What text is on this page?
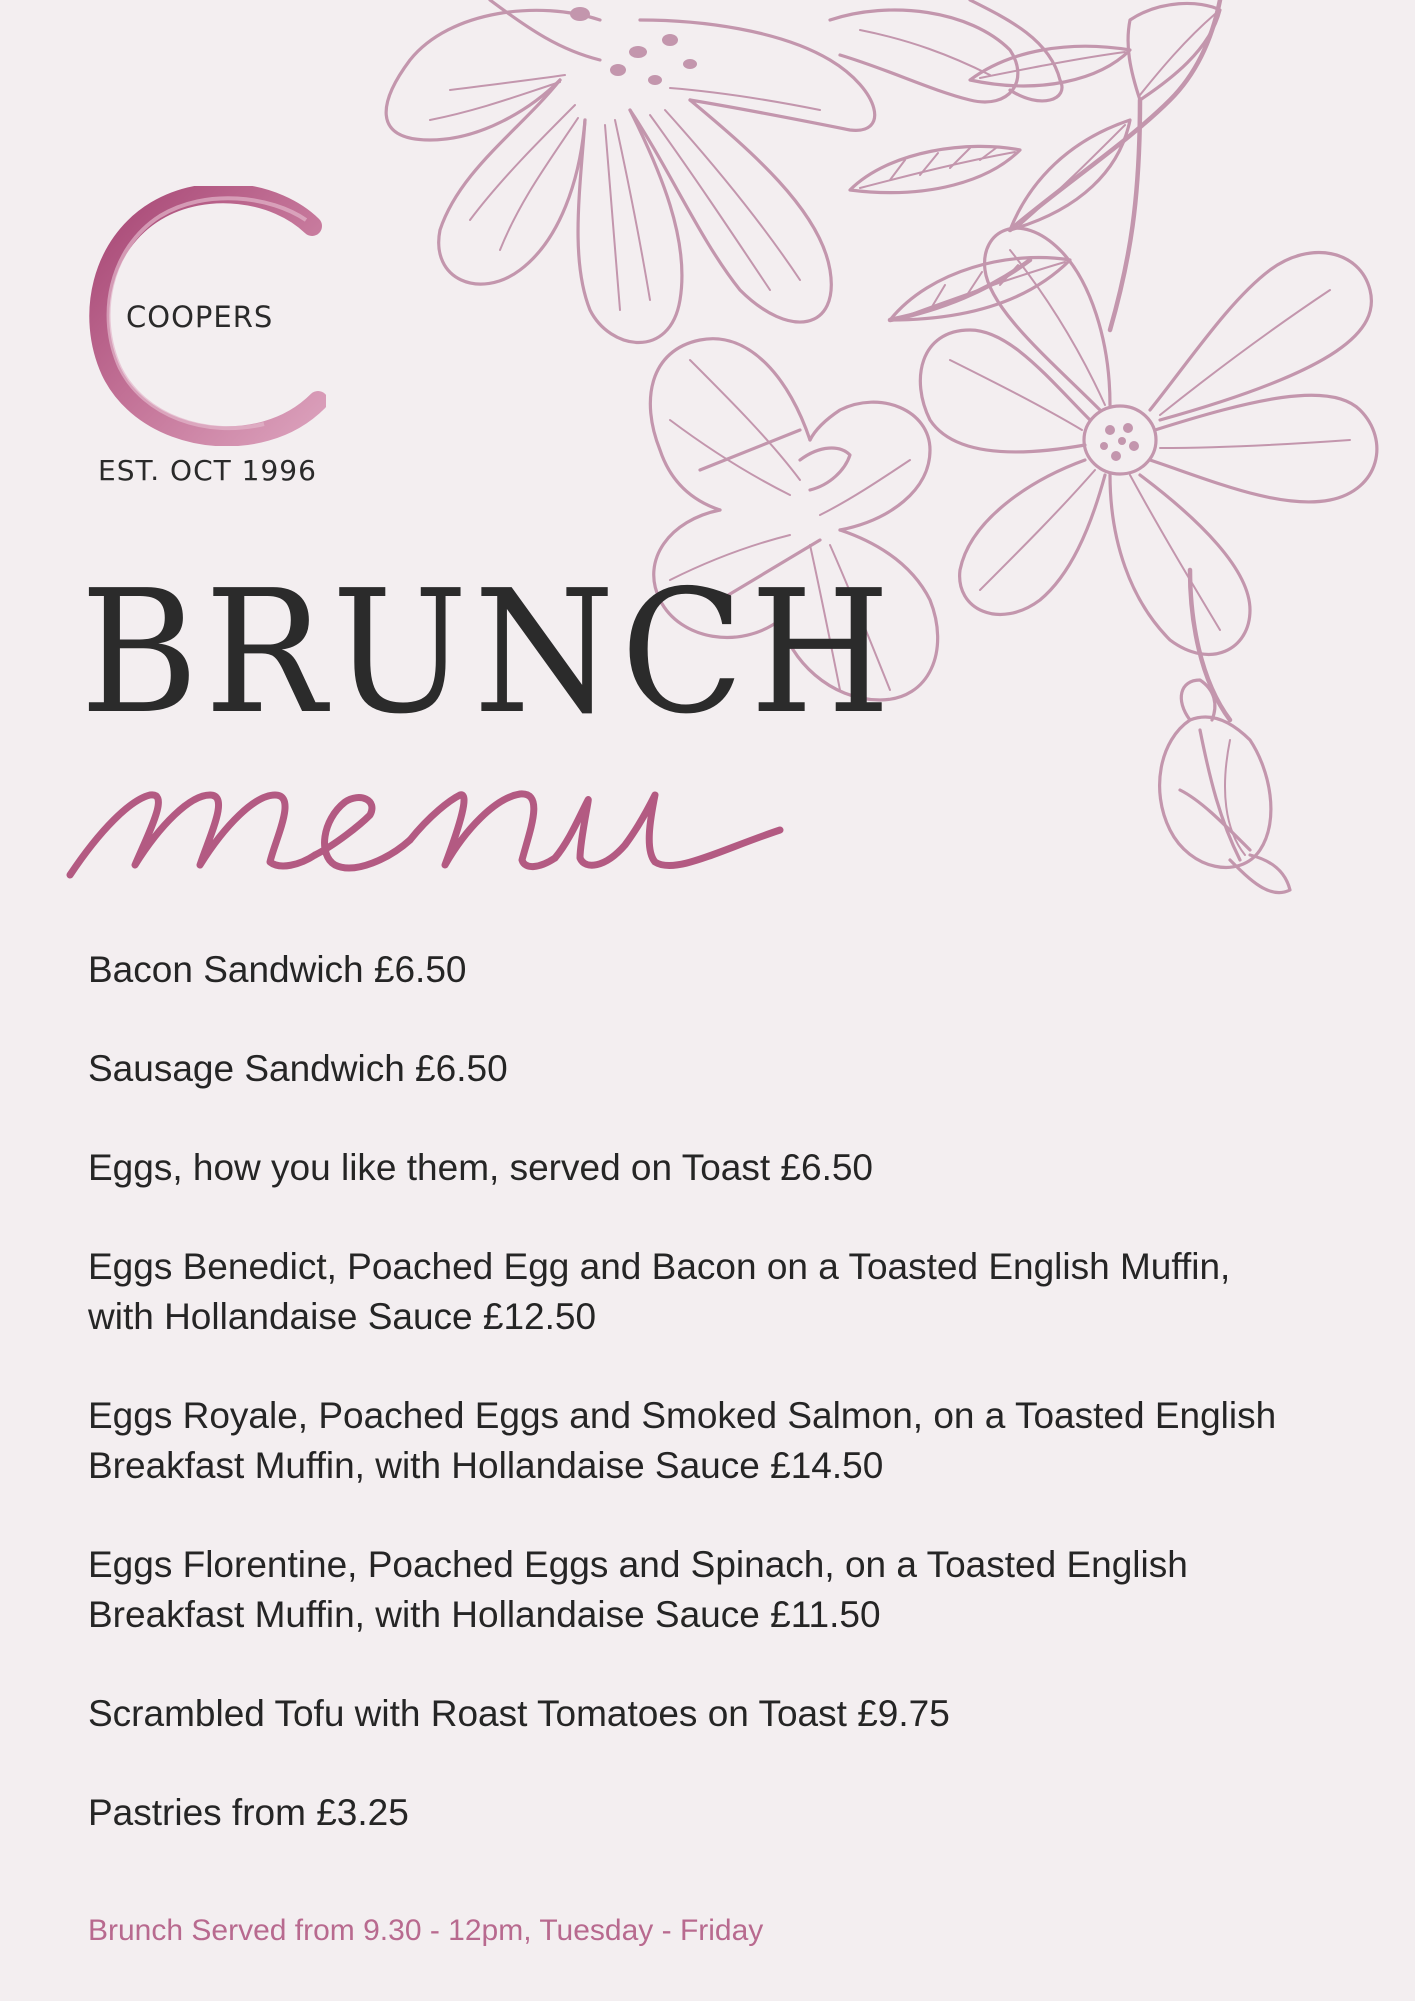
COOPERS
EST. OCT 1996
BRUNCH
Bacon Sandwich £6.50
Sausage Sandwich £6.50
Eggs, how you like them, served on Toast £6.50
Eggs Benedict, Poached Egg and Bacon on a Toasted English Muffin,
with Hollandaise Sauce £12.50
Eggs Royale, Poached Eggs and Smoked Salmon, on a Toasted English
Breakfast Muffin, with Hollandaise Sauce £14.50
Eggs Florentine, Poached Eggs and Spinach, on a Toasted English
Breakfast Muffin, with Hollandaise Sauce £11.50
Scrambled Tofu with Roast Tomatoes on Toast £9.75
Pastries from £3.25
Brunch Served from 9.30 - 12pm, Tuesday - Friday
